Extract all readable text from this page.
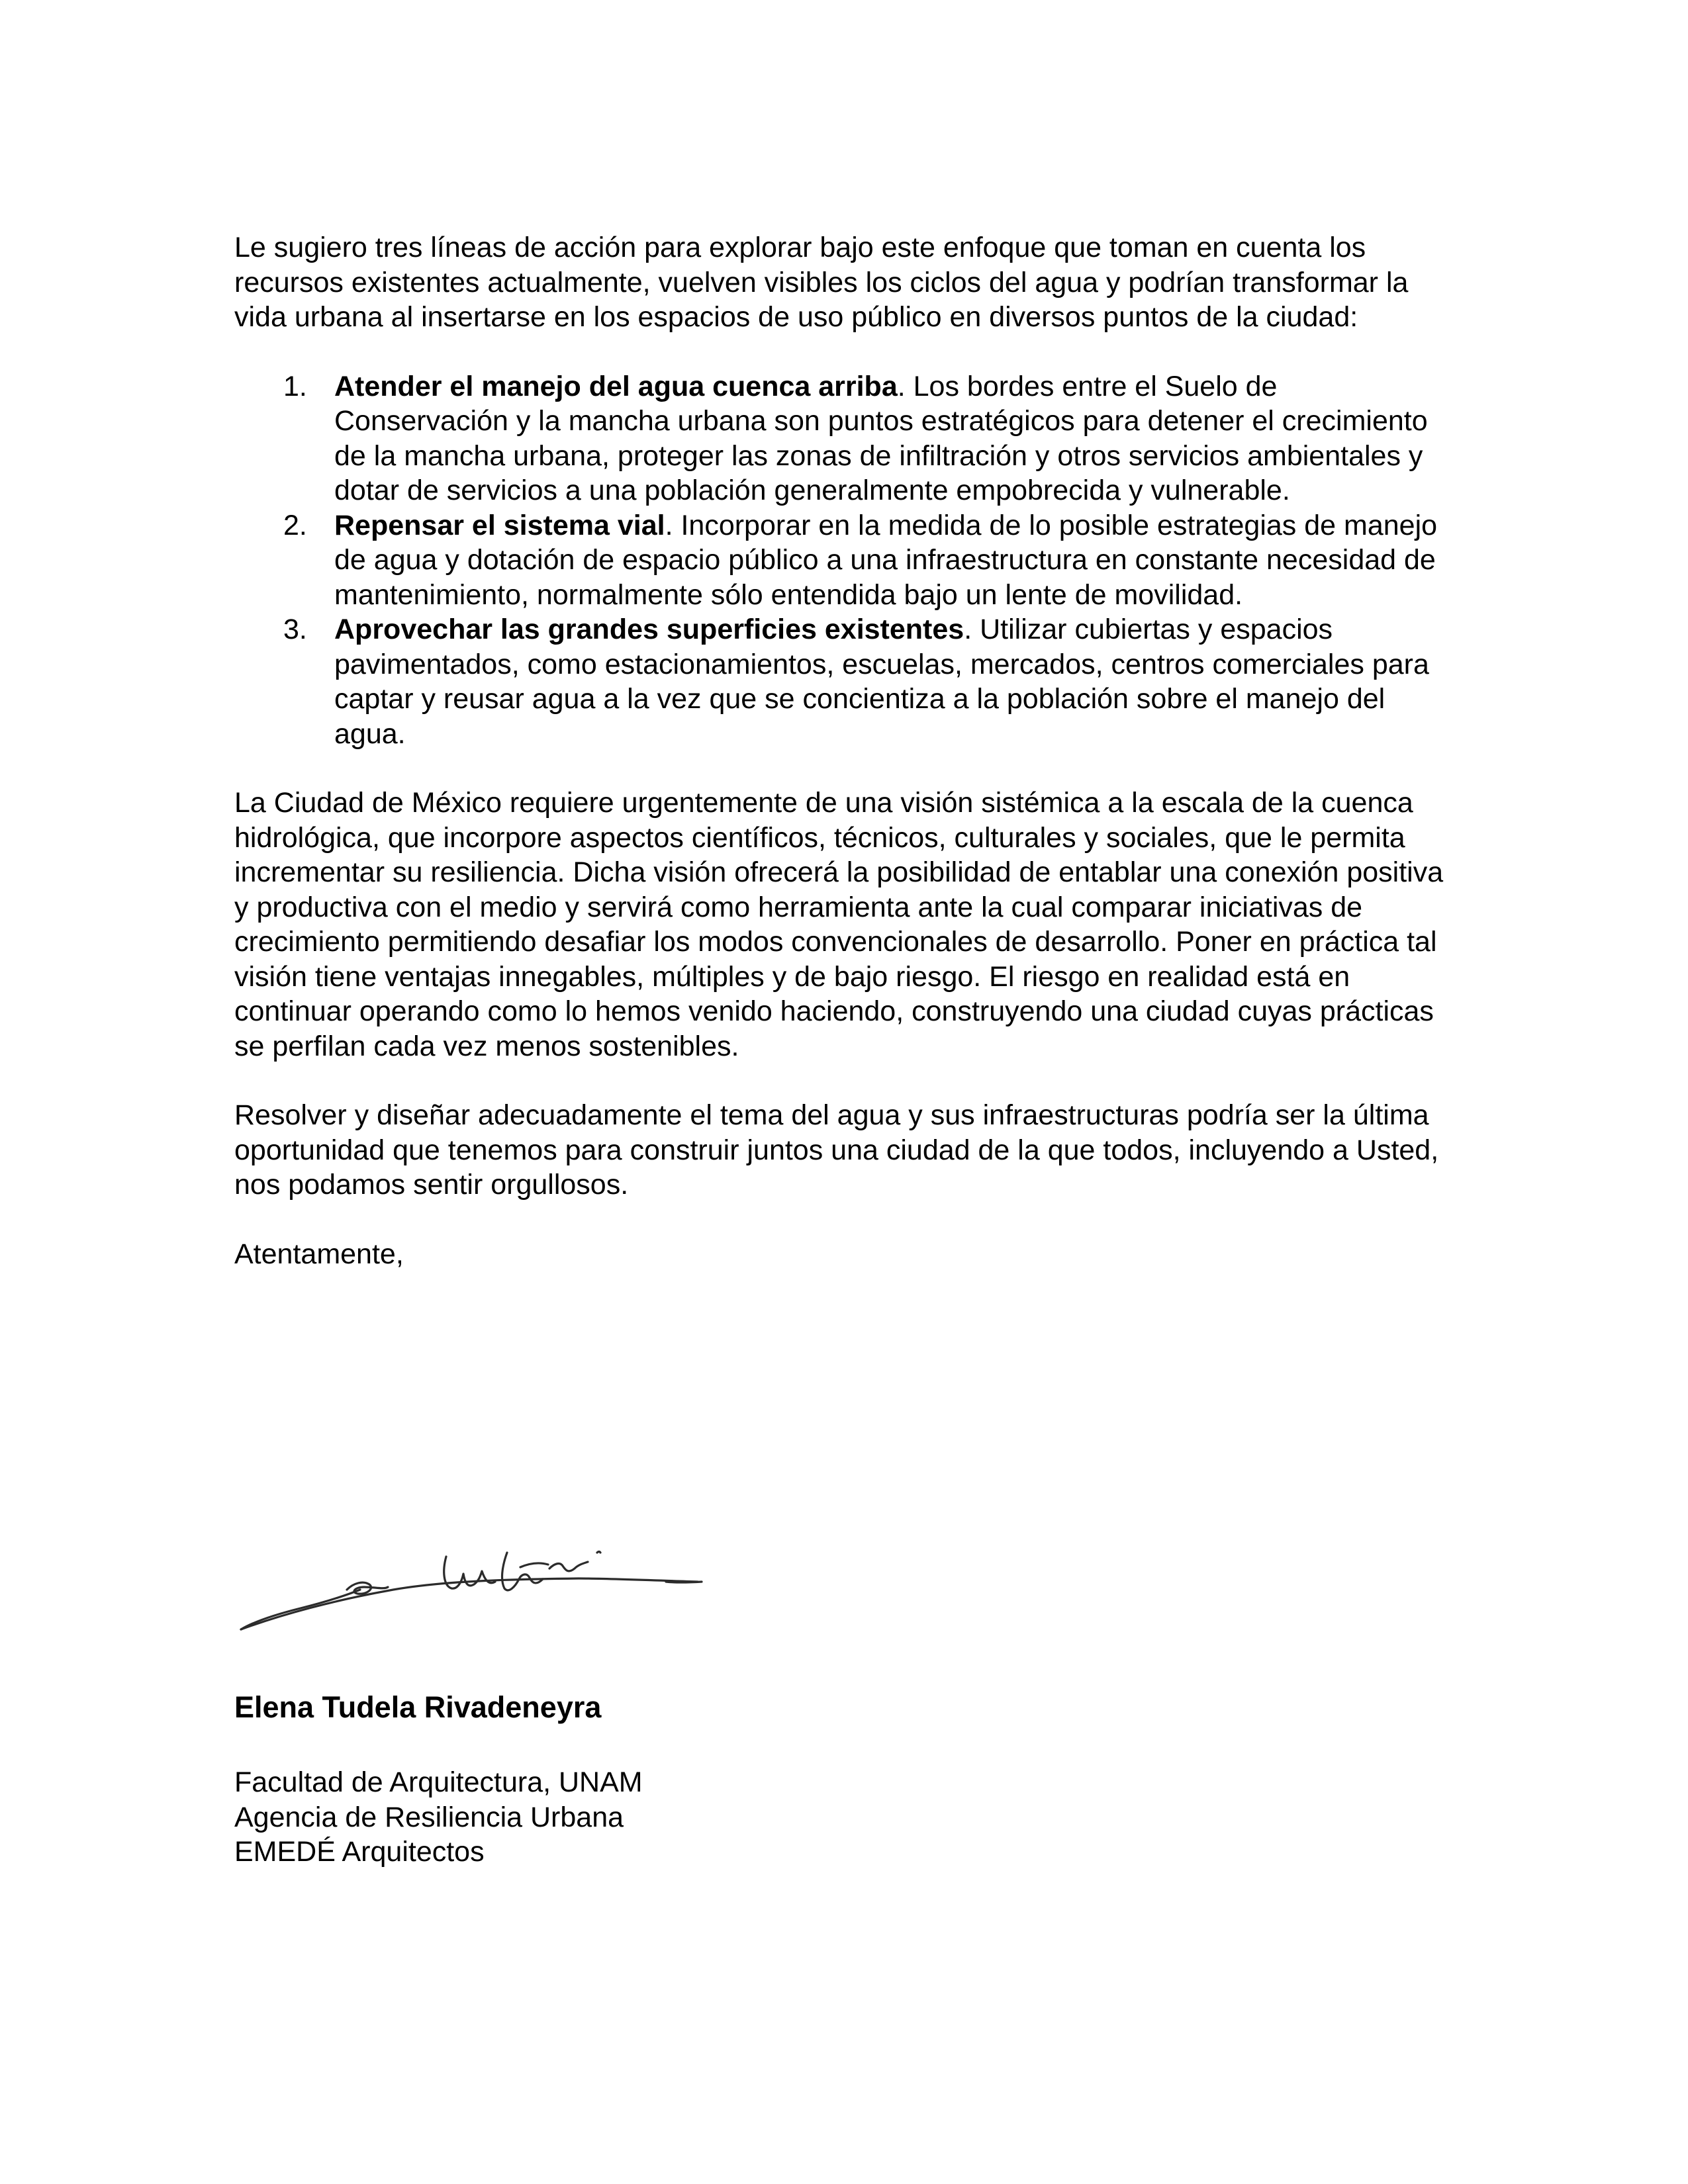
Le sugiero tres líneas de acción para explorar bajo este enfoque que toman en cuenta los recursos existentes actualmente, vuelven visibles los ciclos del agua y podrían transformar la vida urbana al insertarse en los espacios de uso público en diversos puntos de la ciudad:

1. Atender el manejo del agua cuenca arriba. Los bordes entre el Suelo de Conservación y la mancha urbana son puntos estratégicos para detener el crecimiento de la mancha urbana, proteger las zonas de infiltración y otros servicios ambientales y dotar de servicios a una población generalmente empobrecida y vulnerable.
2. Repensar el sistema vial. Incorporar en la medida de lo posible estrategias de manejo de agua y dotación de espacio público a una infraestructura en constante necesidad de mantenimiento, normalmente sólo entendida bajo un lente de movilidad.
3. Aprovechar las grandes superficies existentes. Utilizar cubiertas y espacios pavimentados, como estacionamientos, escuelas, mercados, centros comerciales para captar y reusar agua a la vez que se concientiza a la población sobre el manejo del agua.

La Ciudad de México requiere urgentemente de una visión sistémica a la escala de la cuenca hidrológica, que incorpore aspectos científicos, técnicos, culturales y sociales, que le permita incrementar su resiliencia. Dicha visión ofrecerá la posibilidad de entablar una conexión positiva y productiva con el medio y servirá como herramienta ante la cual comparar iniciativas de crecimiento permitiendo desafiar los modos convencionales de desarrollo. Poner en práctica tal visión tiene ventajas innegables, múltiples y de bajo riesgo. El riesgo en realidad está en continuar operando como lo hemos venido haciendo, construyendo una ciudad cuyas prácticas se perfilan cada vez menos sostenibles.

Resolver y diseñar adecuadamente el tema del agua y sus infraestructuras podría ser la última oportunidad que tenemos para construir juntos una ciudad de la que todos, incluyendo a Usted, nos podamos sentir orgullosos.

Atentamente,

Elena Tudela Rivadeneyra
Facultad de Arquitectura, UNAM
Agencia de Resiliencia Urbana
EMEDÉ Arquitectos
